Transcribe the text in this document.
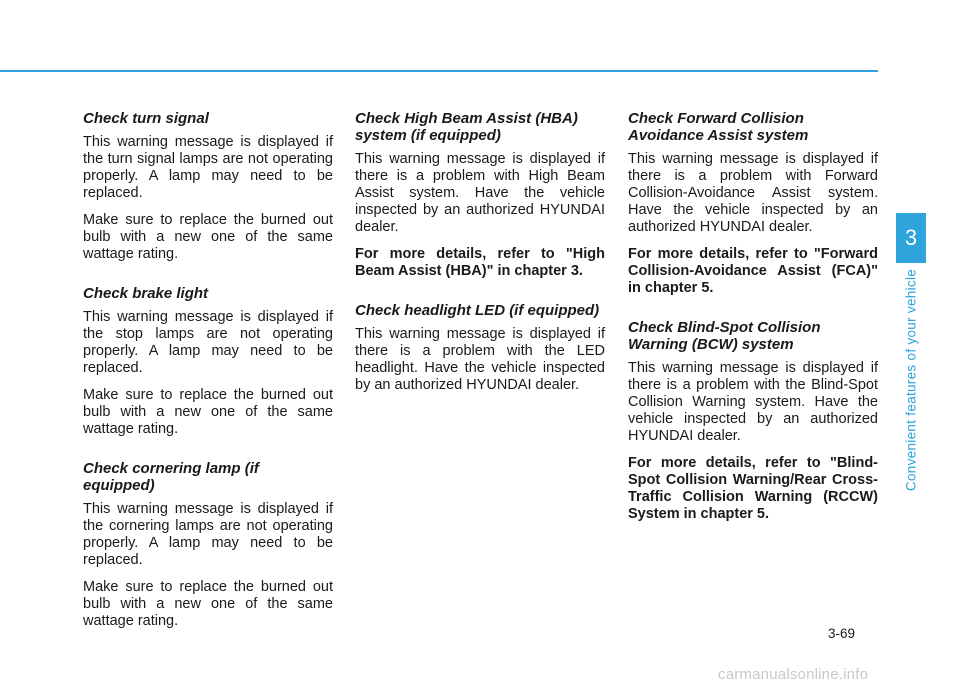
Check turn signal

This warning message is displayed if the turn signal lamps are not operating properly. A lamp may need to be replaced.

Make sure to replace the burned out bulb with a new one of the same wattage rating.

Check brake light

This warning message is displayed if the stop lamps are not operating properly. A lamp may need to be replaced.

Make sure to replace the burned out bulb with a new one of the same wattage rating.

Check cornering lamp (if equipped)

This warning message is displayed if the cornering lamps are not operating properly. A lamp may need to be replaced.

Make sure to replace the burned out bulb with a new one of the same wattage rating.

Check High Beam Assist (HBA) system (if equipped)

This warning message is displayed if there is a problem with High Beam Assist system. Have the vehicle inspected by an authorized HYUNDAI dealer.

For more details, refer to "High Beam Assist (HBA)" in chapter 3.

Check headlight LED (if equipped)

This warning message is displayed if there is a problem with the LED headlight. Have the vehicle inspected by an authorized HYUNDAI dealer.

Check Forward Collision Avoidance Assist system

This warning message is displayed if there is a problem with Forward Collision-Avoidance Assist system. Have the vehicle inspected by an authorized HYUNDAI dealer.

For more details, refer to "Forward Collision-Avoidance Assist (FCA)" in chapter 5.

Check Blind-Spot Collision Warning (BCW) system

This warning message is displayed if there is a problem with the Blind-Spot Collision Warning system. Have the vehicle inspected by an authorized HYUNDAI dealer.

For more details, refer to "Blind-Spot Collision Warning/Rear Cross-Traffic Collision Warning (RCCW) System in chapter 5.

3
Convenient features of your vehicle
3-69
carmanualsonline.info
